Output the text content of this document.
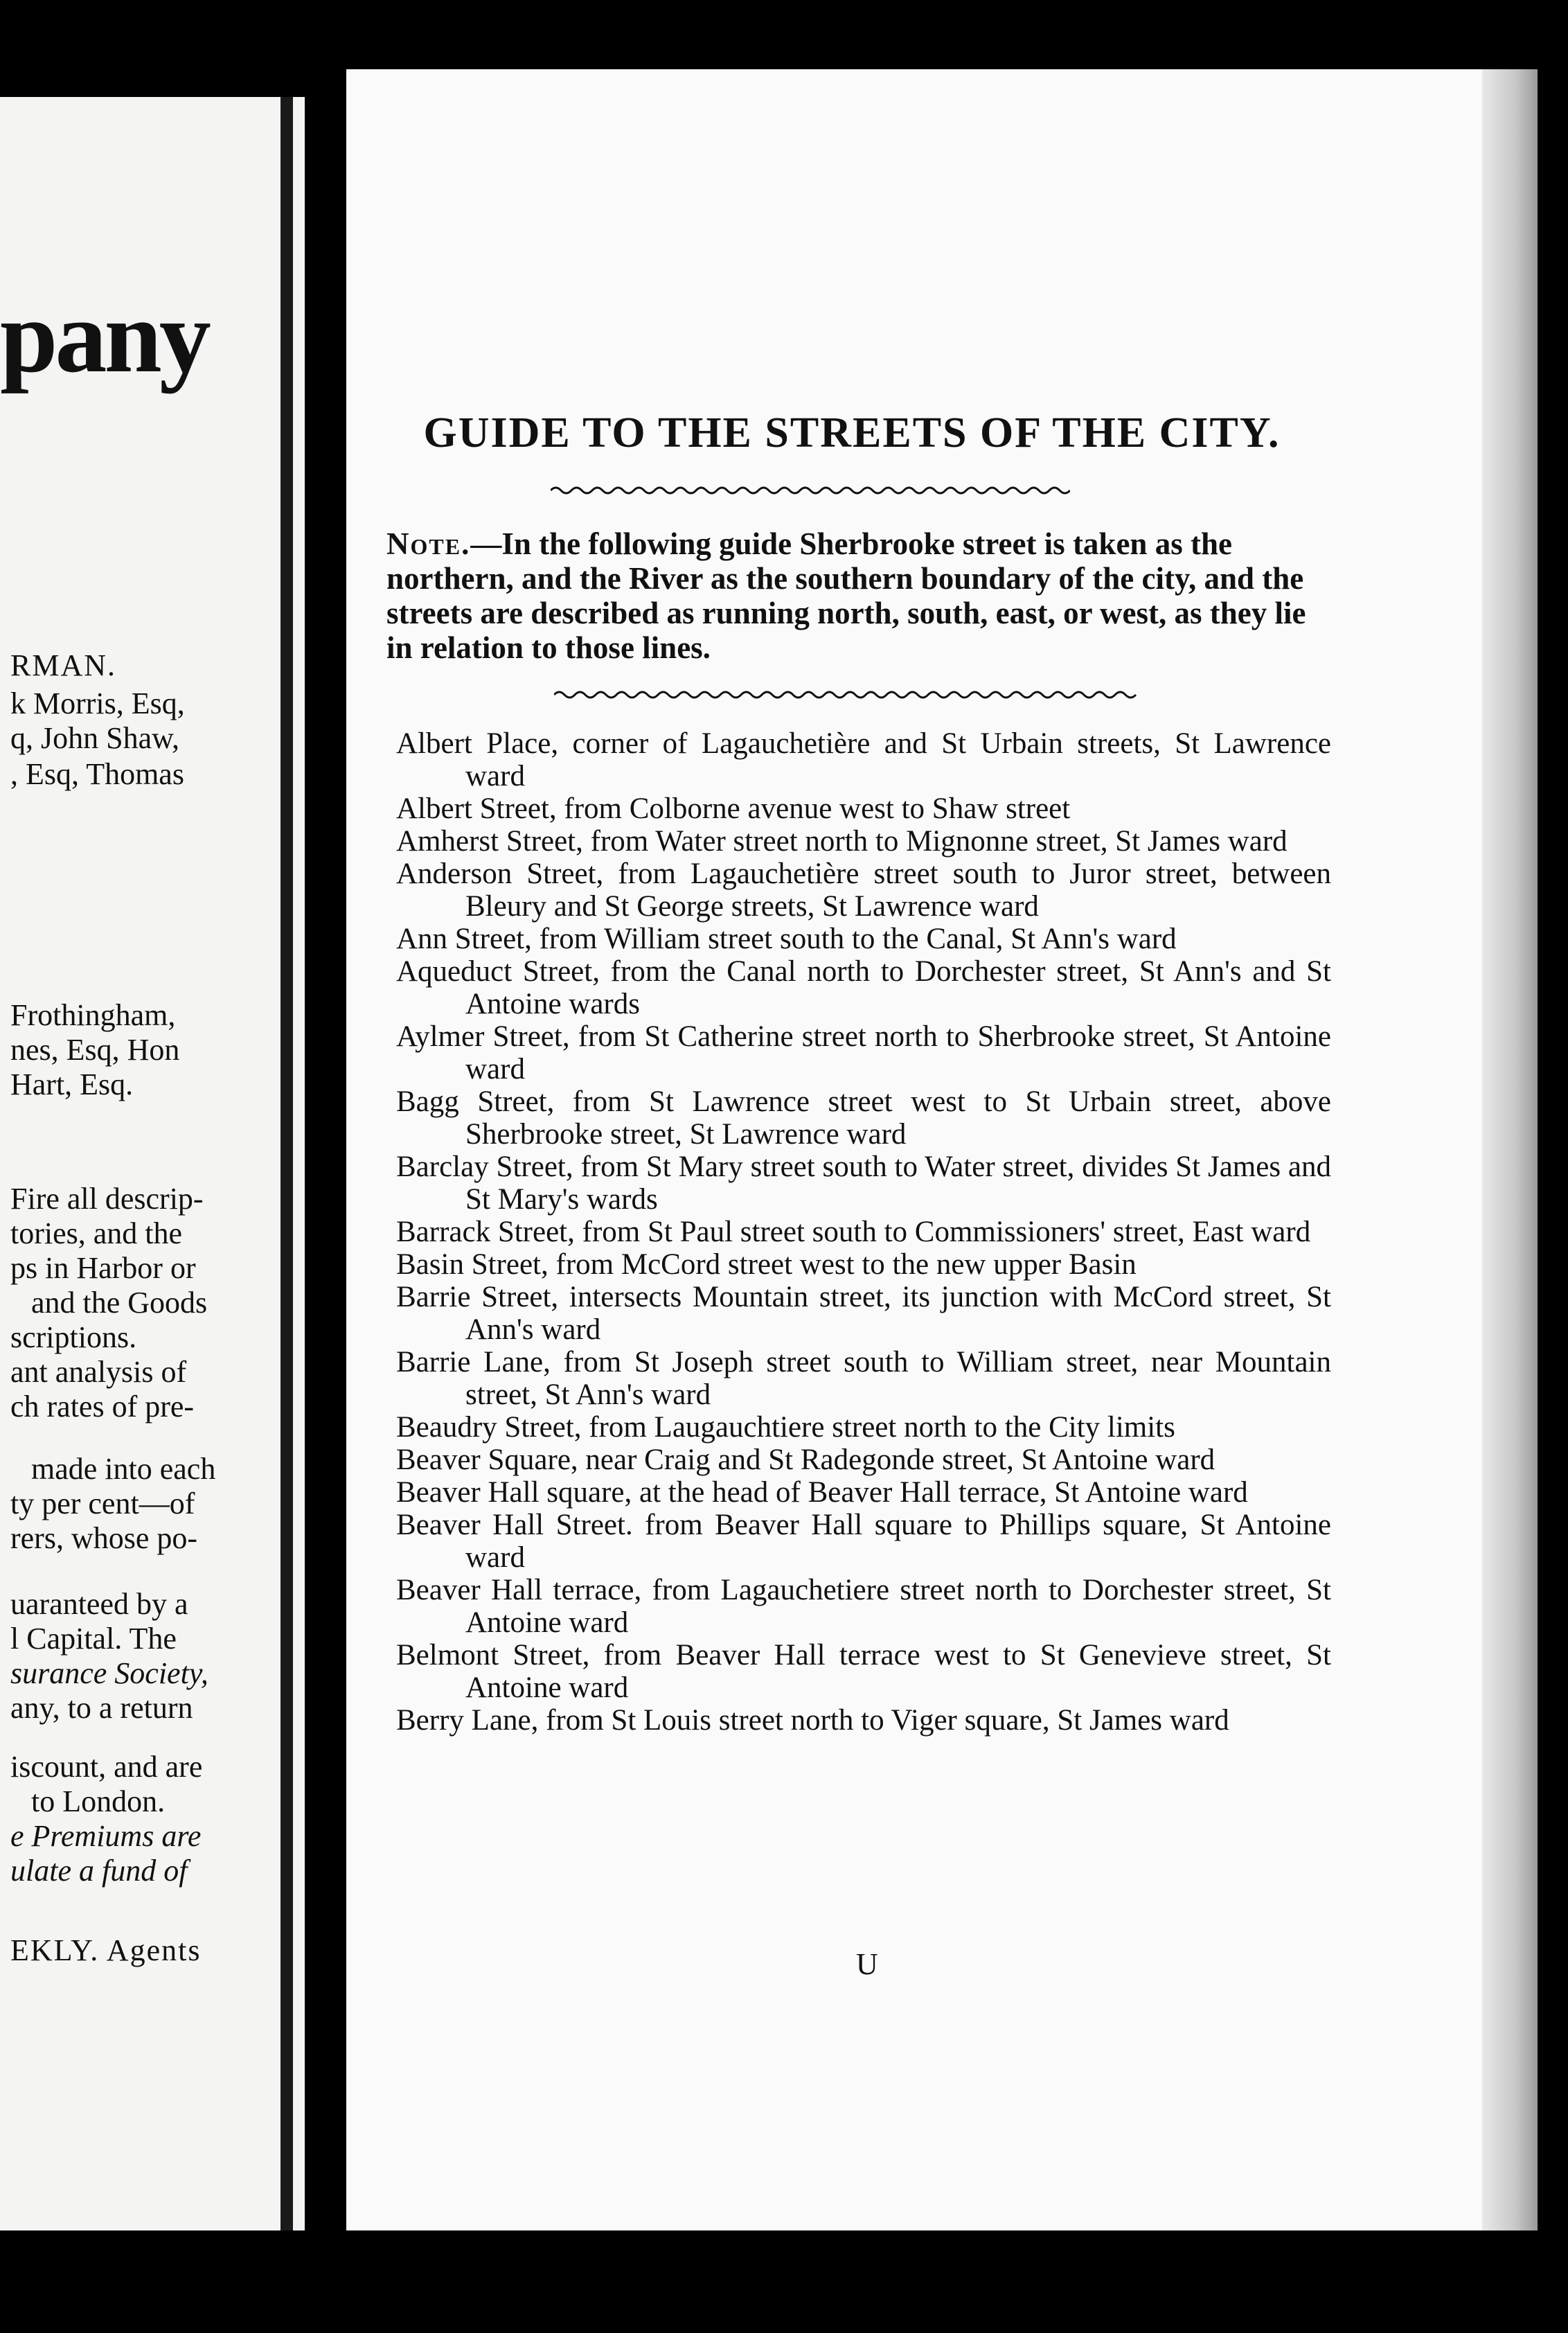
pany
RMAN.
k Morris, Esq,
q, John Shaw,
, Esq, Thomas
Frothingham,
nes, Esq, Hon
Hart, Esq.
Fire all descrip-
tories, and the
ps in Harbor or
and the Goods
scriptions.
ant analysis of
ch rates of pre-
made into each
ty per cent—of
rers, whose po-
uaranteed by a
l Capital. The
surance Society,
any, to a return
iscount, and are
to London.
e Premiums are
ulate a fund of
EKLY. Agents
GUIDE TO THE STREETS OF THE CITY.
Note.—In the following guide Sherbrooke street is taken as the northern, and the River as the southern boundary of the city, and the streets are described as running north, south, east, or west, as they lie in relation to those lines.
Albert Place, corner of Lagauchetière and St Urbain streets, St Lawrence ward
Albert Street, from Colborne avenue west to Shaw street
Amherst Street, from Water street north to Mignonne street, St James ward
Anderson Street, from Lagauchetière street south to Juror street, between Bleury and St George streets, St Lawrence ward
Ann Street, from William street south to the Canal, St Ann's ward
Aqueduct Street, from the Canal north to Dorchester street, St Ann's and St Antoine wards
Aylmer Street, from St Catherine street north to Sherbrooke street, St Antoine ward
Bagg Street, from St Lawrence street west to St Urbain street, above Sherbrooke street, St Lawrence ward
Barclay Street, from St Mary street south to Water street, divides St James and St Mary's wards
Barrack Street, from St Paul street south to Commissioners' street, East ward
Basin Street, from McCord street west to the new upper Basin
Barrie Street, intersects Mountain street, its junction with McCord street, St Ann's ward
Barrie Lane, from St Joseph street south to William street, near Mountain street, St Ann's ward
Beaudry Street, from Laugauchtiere street north to the City limits
Beaver Square, near Craig and St Radegonde street, St Antoine ward
Beaver Hall square, at the head of Beaver Hall terrace, St Antoine ward
Beaver Hall Street. from Beaver Hall square to Phillips square, St Antoine ward
Beaver Hall terrace, from Lagauchetiere street north to Dorchester street, St Antoine ward
Belmont Street, from Beaver Hall terrace west to St Genevieve street, St Antoine ward
Berry Lane, from St Louis street north to Viger square, St James ward
U
